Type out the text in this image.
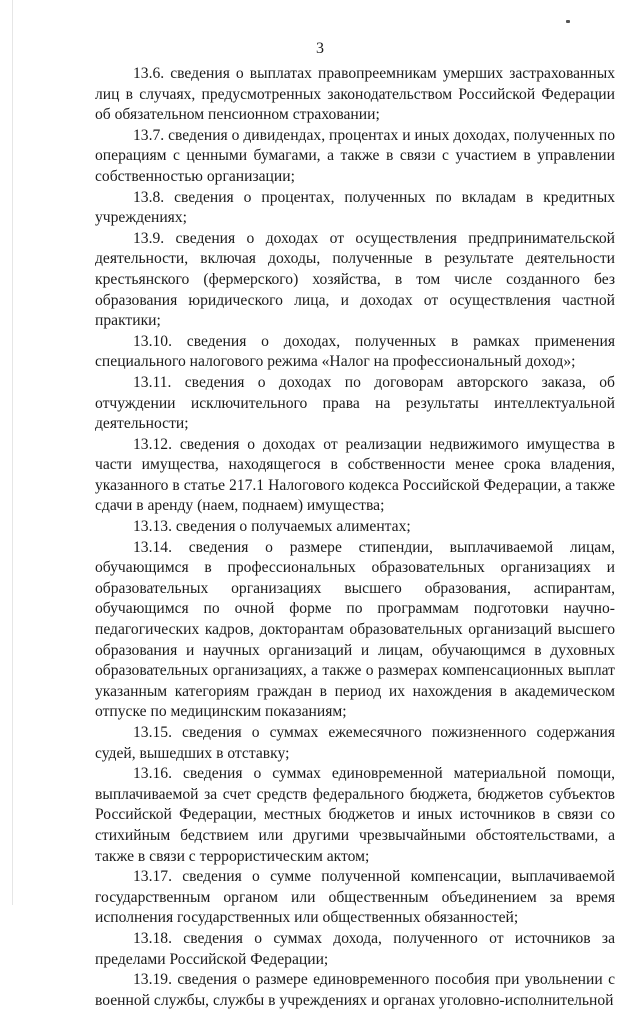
3

13.6. сведения о выплатах правопреемникам умерших застрахованных лиц в случаях, предусмотренных законодательством Российской Федерации об обязательном пенсионном страховании;

13.7. сведения о дивидендах, процентах и иных доходах, полученных по операциям с ценными бумагами, а также в связи с участием в управлении собственностью организации;

13.8. сведения о процентах, полученных по вкладам в кредитных учреждениях;

13.9. сведения о доходах от осуществления предпринимательской деятельности, включая доходы, полученные в результате деятельности крестьянского (фермерского) хозяйства, в том числе созданного без образования юридического лица, и доходах от осуществления частной практики;

13.10. сведения о доходах, полученных в рамках применения специального налогового режима «Налог на профессиональный доход»;

13.11. сведения о доходах по договорам авторского заказа, об отчуждении исключительного права на результаты интеллектуальной деятельности;

13.12. сведения о доходах от реализации недвижимого имущества в части имущества, находящегося в собственности менее срока владения, указанного в статье 217.1 Налогового кодекса Российской Федерации, а также сдачи в аренду (наем, поднаем) имущества;

13.13. сведения о получаемых алиментах;

13.14. сведения о размере стипендии, выплачиваемой лицам, обучающимся в профессиональных образовательных организациях и образовательных организациях высшего образования, аспирантам, обучающимся по очной форме по программам подготовки научно-педагогических кадров, докторантам образовательных организаций высшего образования и научных организаций и лицам, обучающимся в духовных образовательных организациях, а также о размерах компенсационных выплат указанным категориям граждан в период их нахождения в академическом отпуске по медицинским показаниям;

13.15. сведения о суммах ежемесячного пожизненного содержания судей, вышедших в отставку;

13.16. сведения о суммах единовременной материальной помощи, выплачиваемой за счет средств федерального бюджета, бюджетов субъектов Российской Федерации, местных бюджетов и иных источников в связи со стихийным бедствием или другими чрезвычайными обстоятельствами, а также в связи с террористическим актом;

13.17. сведения о сумме полученной компенсации, выплачиваемой государственным органом или общественным объединением за время исполнения государственных или общественных обязанностей;

13.18. сведения о суммах дохода, полученного от источников за пределами Российской Федерации;

13.19. сведения о размере единовременного пособия при увольнении с военной службы, службы в учреждениях и органах уголовно-исполнительной
